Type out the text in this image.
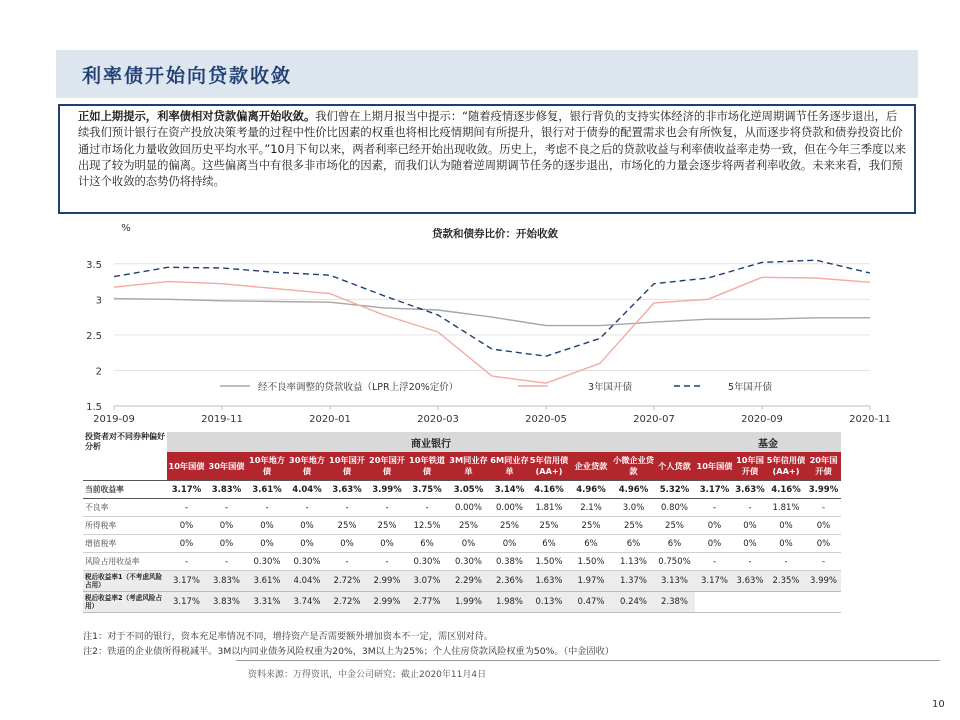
利率债开始向贷款收敛
正如上期提示，利率债相对贷款偏离开始收敛。我们曾在上期月报当中提示：“随着疫情逐步修复，银行背负的支持实体经济的非市场化逆周期调节任务逐步退出，后续我们预计银行在资产投放决策考量的过程中性价比因素的权重也将相比疫情期间有所提升，银行对于债券的配置需求也会有所恢复，从而逐步将贷款和债券投资比价通过市场化力量收敛回历史平均水平。”10月下旬以来，两者利率已经开始出现收敛。历史上，考虑不良之后的贷款收益与利率债收益率走势一致，但在今年三季度以来出现了较为明显的偏离。这些偏离当中有很多非市场化的因素，而我们认为随着逆周期调节任务的逐步退出，市场化的力量会逐步将两者利率收敛。未来来看，我们预计这个收敛的态势仍将持续。
贷款和债券比价：开始收敛
%
1.5
2
2.5
3
3.5
2019-09	2019-11	2020-01	2020-03	2020-05	2020-07	2020-09	2020-11
经不良率调整的贷款收益（LPR上浮20%定价）	3年国开债	5年国开债
投资者对不同券种偏好分析	商业银行													基金			
	10年国债	30年国债	10年地方债	30年地方债	10年国开债	20年国开债	10年铁道债	3M同业存单	6M同业存单	5年信用债(AA+)	企业贷款	小微企业贷款	个人贷款	10年国债	10年国开债	5年信用债(AA+)	20年国开债
当前收益率	3.17%	3.83%	3.61%	4.04%	3.63%	3.99%	3.75%	3.05%	3.14%	4.16%	4.96%	4.96%	5.32%	3.17%	3.63%	4.16%	3.99%
不良率	-	-	-	-	-	-	-	0.00%	0.00%	1.81%	2.1%	3.0%	0.80%	-	-	1.81%	-
所得税率	0%	0%	0%	0%	25%	25%	12.5%	25%	25%	25%	25%	25%	25%	0%	0%	0%	0%
增值税率	0%	0%	0%	0%	0%	0%	6%	0%	0%	6%	6%	6%	6%	0%	0%	0%	0%
风险占用收益率	-	-	0.30%	0.30%	-	-	0.30%	0.30%	0.38%	1.50%	1.50%	1.13%	0.750%	-	-	-	-
税后收益率1（不考虑风险占用）	3.17%	3.83%	3.61%	4.04%	2.72%	2.99%	3.07%	2.29%	2.36%	1.63%	1.97%	1.37%	3.13%	3.17%	3.63%	2.35%	3.99%
税后收益率2（考虑风险占用）	3.17%	3.83%	3.31%	3.74%	2.72%	2.99%	2.77%	1.99%	1.98%	0.13%	0.47%	0.24%	2.38%				
注1：对于不同的银行，资本充足率情况不同，增持资产是否需要额外增加资本不一定，需区别对待。
注2：铁道的企业债所得税减半。3M以内同业债务风险权重为20%，3M以上为25%；个人住房贷款风险权重为50%。（中金固收）
资料来源：万得资讯，中金公司研究；截止2020年11月4日
10
